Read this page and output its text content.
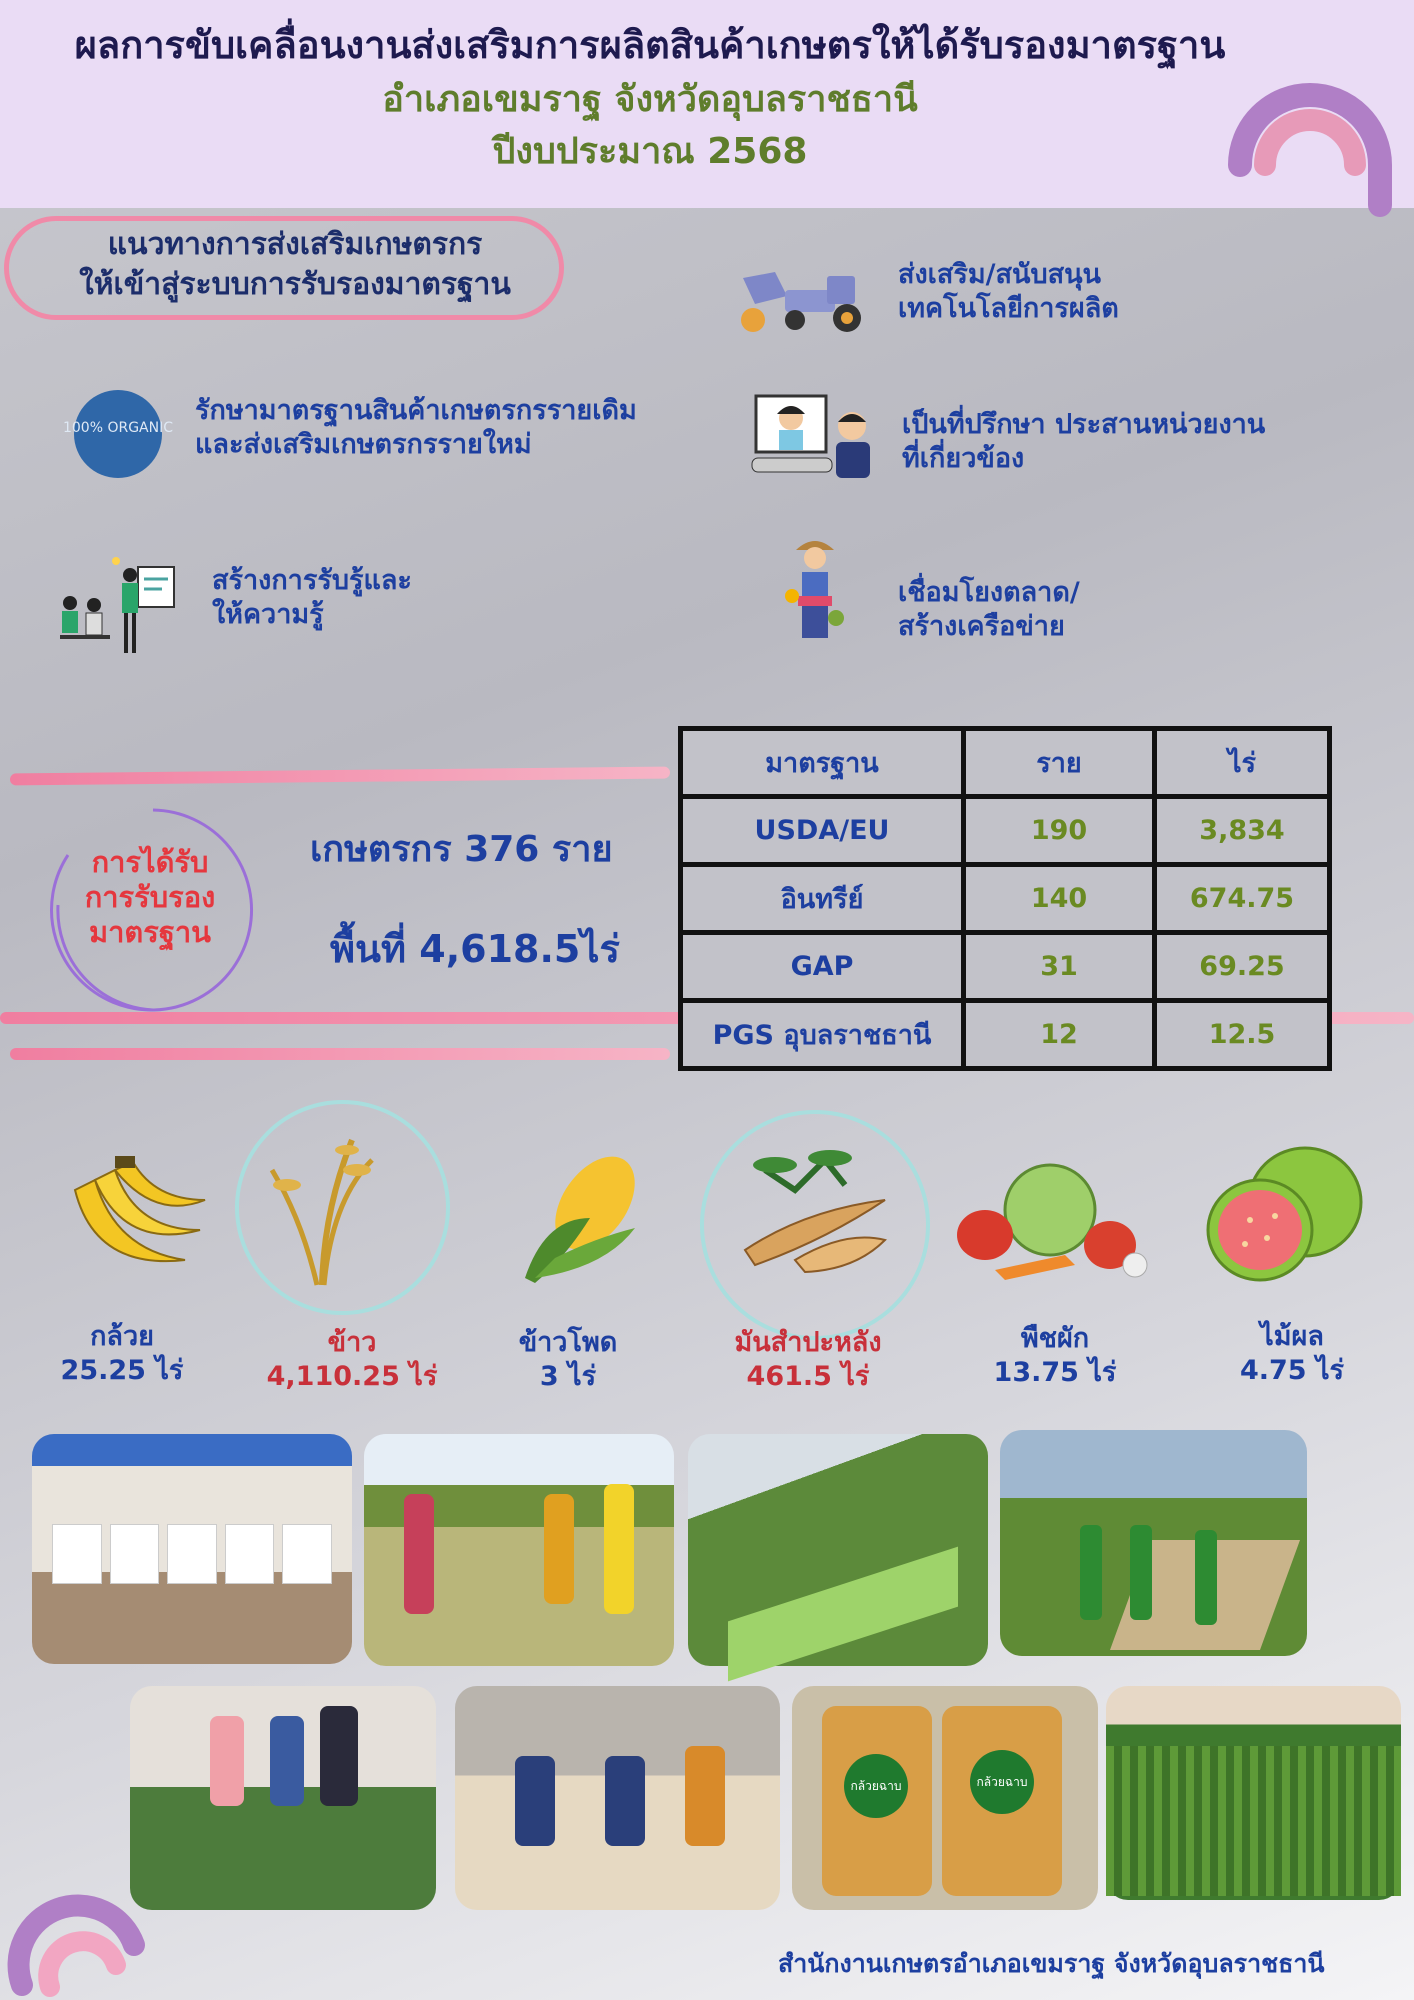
ผลการขับเคลื่อนงานส่งเสริมการผลิตสินค้าเกษตรให้ได้รับรองมาตรฐาน
อำเภอเขมราฐ จังหวัดอุบลราชธานี
ปีงบประมาณ 2568
แนวทางการส่งเสริมเกษตรกร
ให้เข้าสู่ระบบการรับรองมาตรฐาน
100% ORGANIC
รักษามาตรฐานสินค้าเกษตรกรรายเดิม
และส่งเสริมเกษตรกรรายใหม่
สร้างการรับรู้และ
ให้ความรู้
ส่งเสริม/สนับสนุน
เทคโนโลยีการผลิต
เป็นที่ปรึกษา ประสานหน่วยงาน
ที่เกี่ยวข้อง
เชื่อมโยงตลาด/
สร้างเครือข่าย
การได้รับ
การรับรอง
มาตรฐาน
เกษตรกร 376 ราย
พื้นที่ 4,618.5ไร่
มาตรฐาน	ราย	ไร่
USDA/EU	190	3,834
อินทรีย์	140	674.75
GAP	31	69.25
PGS อุบลราชธานี	12	12.5
กล้วย
25.25 ไร่
ข้าว
4,110.25 ไร่
ข้าวโพด
3 ไร่
มันสำปะหลัง
461.5 ไร่
พืชผัก
13.75 ไร่
ไม้ผล
4.75 ไร่
กล้วยฉาบ	กล้วยฉาบ
สำนักงานเกษตรอำเภอเขมราฐ จังหวัดอุบลราชธานี
